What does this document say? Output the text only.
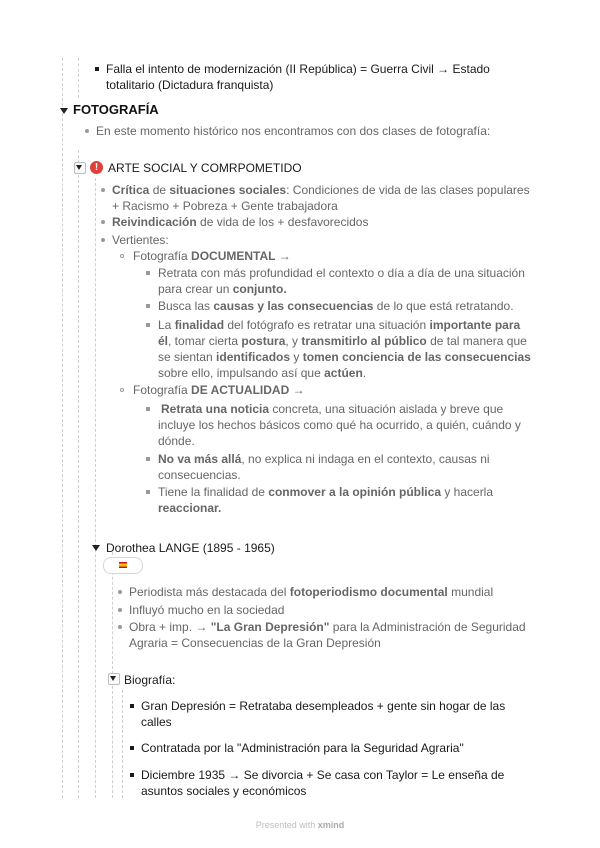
Falla el intento de modernización (II República) = Guerra Civil → Estado
totalitario (Dictadura franquista)
FOTOGRAFÍA
En este momento histórico nos encontramos con dos clases de fotografía:
! ARTE SOCIAL Y COMRPOMETIDO
Crítica de situaciones sociales: Condiciones de vida de las clases populares
+ Racismo + Pobreza + Gente trabajadora
Reivindicación de vida de los + desfavorecidos
Vertientes:
Fotografía DOCUMENTAL →
Retrata con más profundidad el contexto o día a día de una situación
para crear un conjunto.
Busca las causas y las consecuencias de lo que está retratando.
La finalidad del fotógrafo es retratar una situación importante para
él, tomar cierta postura, y transmitirlo al público de tal manera que
se sientan identificados y tomen conciencia de las consecuencias
sobre ello, impulsando así que actúen.
Fotografía DE ACTUALIDAD →
Retrata una noticia concreta, una situación aislada y breve que
incluye los hechos básicos como qué ha ocurrido, a quién, cuándo y
dónde.
No va más allá, no explica ni indaga en el contexto, causas ni
consecuencias.
Tiene la finalidad de conmover a la opinión pública y hacerla
reaccionar.
Dorothea LANGE (1895 - 1965)
Periodista más destacada del fotoperiodismo documental mundial
Influyó mucho en la sociedad
Obra + imp. → "La Gran Depresión" para la Administración de Seguridad
Agraria = Consecuencias de la Gran Depresión
Biografía:
Gran Depresión = Retrataba desempleados + gente sin hogar de las
calles
Contratada por la "Administración para la Seguridad Agraria"
Diciembre 1935 → Se divorcia + Se casa con Taylor = Le enseña de
asuntos sociales y económicos
Presented with xmind
